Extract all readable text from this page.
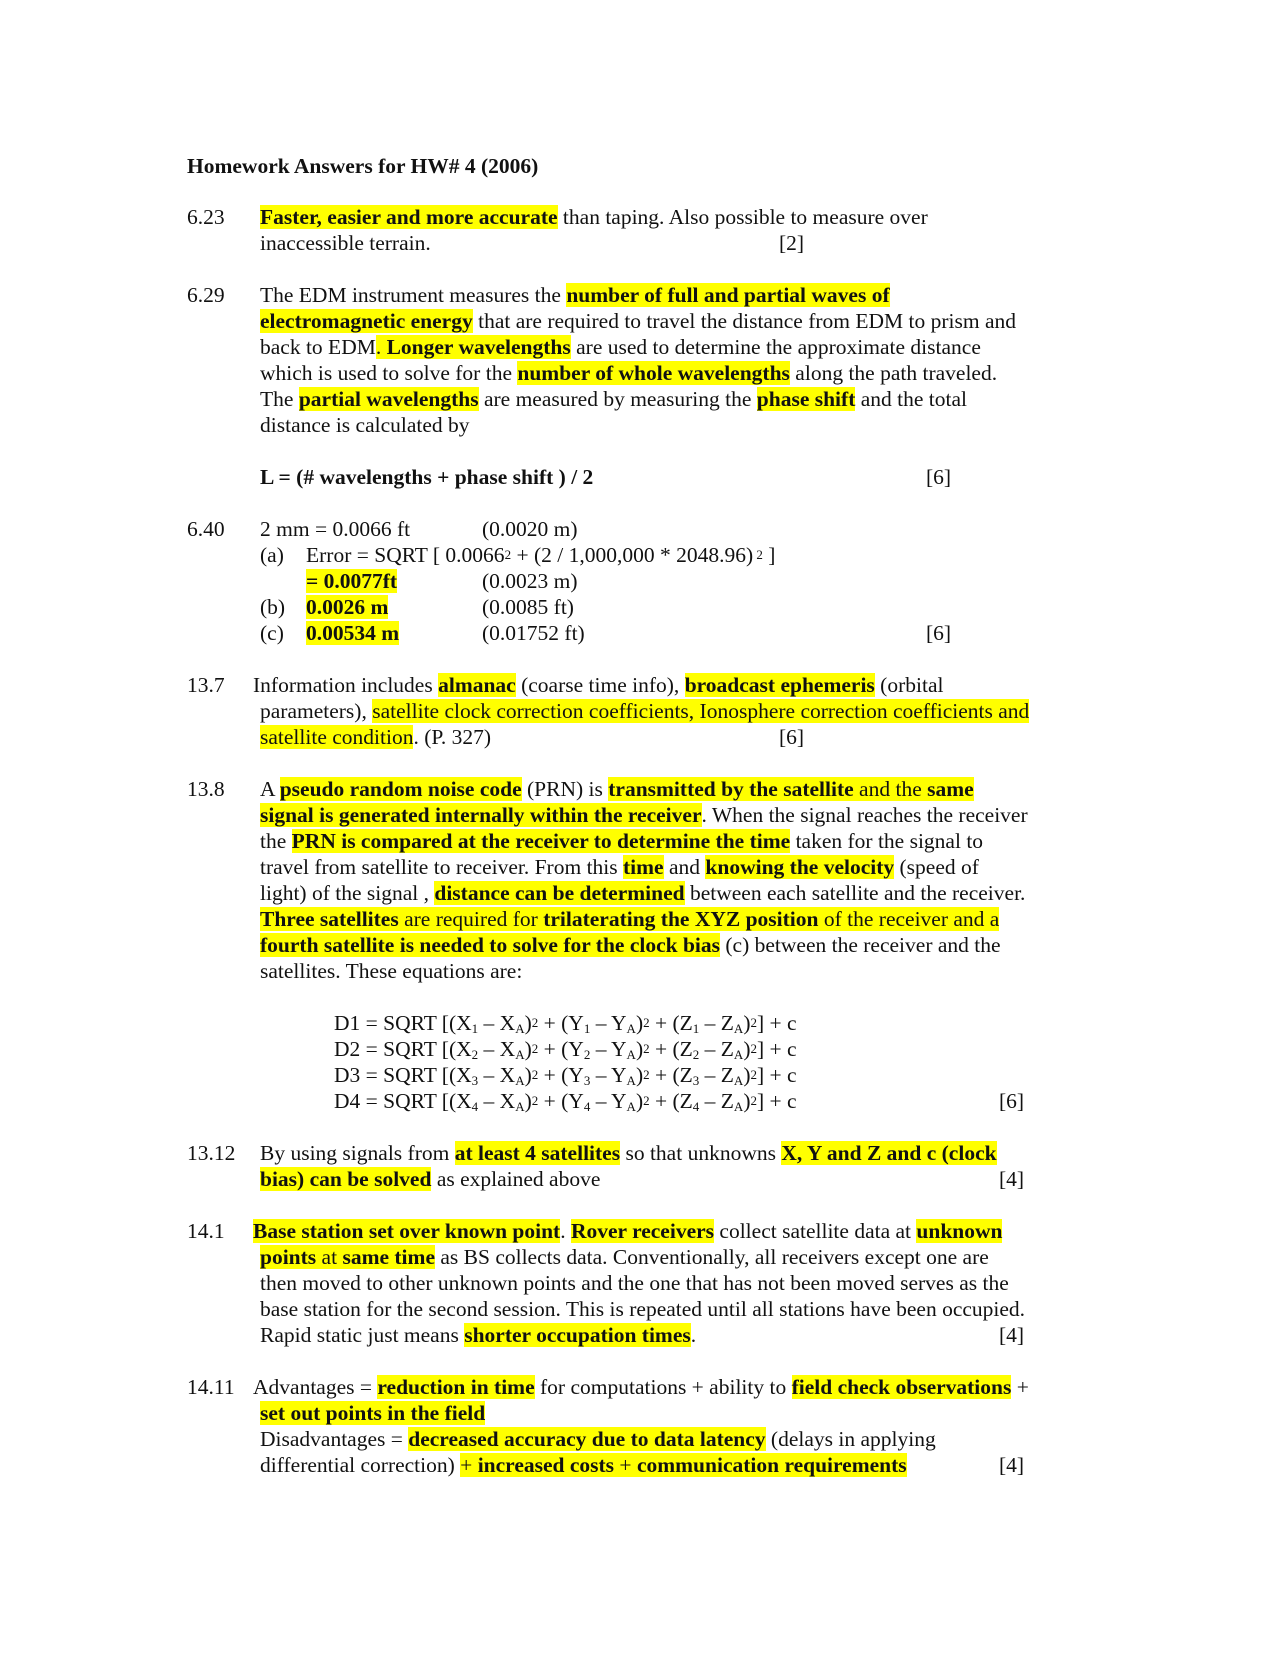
Homework Answers for HW# 4 (2006)
6.23 Faster, easier and more accurate than taping. Also possible to measure over
inaccessible terrain.	[2]
6.29 The EDM instrument measures the number of full and partial waves of
electromagnetic energy that are required to travel the distance from EDM to prism and
back to EDM. Longer wavelengths are used to determine the approximate distance
which is used to solve for the number of whole wavelengths along the path traveled.
The partial wavelengths are measured by measuring the phase shift and the total
distance is calculated by
L = (# wavelengths + phase shift ) / 2	[6]
6.40 2 mm = 0.0066 ft	(0.0020 m)
(a) Error = SQRT [ $0.0066^2 + (2 / 1,000,000 * 2048.96)$ $^2$ ]
= 0.0077ft	(0.0023 m)
(b) 0.0026 m	(0.0085 ft)
(c) 0.00534 m	(0.01752 ft)	[6]
13.7 Information includes almanac (coarse time info), broadcast ephemeris (orbital
parameters), satellite clock correction coefficients, Ionosphere correction coefficients and
satellite condition. (P. 327)	[6]
13.8 A pseudo random noise code (PRN) is transmitted by the satellite and the same
signal is generated internally within the receiver. When the signal reaches the receiver
the PRN is compared at the receiver to determine the time taken for the signal to
travel from satellite to receiver. From this time and knowing the velocity (speed of
light) of the signal , distance can be determined between each satellite and the receiver.
Three satellites are required for trilaterating the XYZ position of the receiver and a
fourth satellite is needed to solve for the clock bias (c) between the receiver and the
satellites. These equations are:
D1 = SQRT $[(X_1 - X_A)^2 + (Y_1 - Y_A)^2 + (Z_1 - Z_A)^2] + c$
D2 = SQRT $[(X_2 - X_A)^2 + (Y_2 - Y_A)^2 + (Z_2 - Z_A)^2] + c$
D3 = SQRT $[(X_3 - X_A)^2 + (Y_3 - Y_A)^2 + (Z_3 - Z_A)^2] + c$
D4 = SQRT $[(X_4 - X_A)^2 + (Y_4 - Y_A)^2 + (Z_4 - Z_A)^2] + c$	[6]
13.12 By using signals from at least 4 satellites so that unknowns X, Y and Z and c (clock
bias) can be solved as explained above	[4]
14.1 Base station set over known point. Rover receivers collect satellite data at unknown
points at same time as BS collects data. Conventionally, all receivers except one are
then moved to other unknown points and the one that has not been moved serves as the
base station for the second session. This is repeated until all stations have been occupied.
Rapid static just means shorter occupation times.	[4]
14.11 Advantages = reduction in time for computations + ability to field check observations +
set out points in the field
Disadvantages = decreased accuracy due to data latency (delays in applying
differential correction) + increased costs + communication requirements	[4]
